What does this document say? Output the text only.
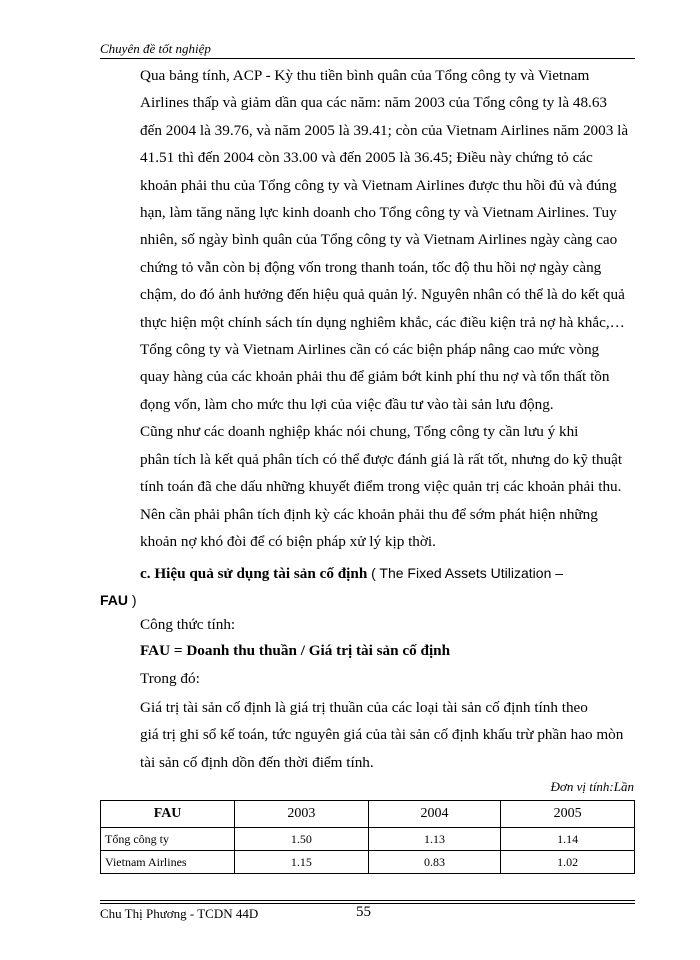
Chuyên đề tốt nghiệp

Qua bảng tính, ACP - Kỳ thu tiền bình quân của Tổng công ty và Vietnam
Airlines thấp và giảm dần qua các năm: năm 2003 của Tổng công ty là 48.63
đến 2004 là 39.76, và năm 2005 là 39.41; còn của Vietnam Airlines năm 2003 là
41.51 thì đến 2004 còn 33.00 và đến 2005 là 36.45; Điều này chứng tỏ các
khoản phải thu của Tổng công ty và Vietnam Airlines được thu hồi đủ và đúng
hạn, làm tăng năng lực kinh doanh cho Tổng công ty và Vietnam Airlines. Tuy
nhiên, số ngày bình quân của Tổng công ty và Vietnam Airlines ngày càng cao
chứng tỏ vẫn còn bị động vốn trong thanh toán, tốc độ thu hồi nợ ngày càng
chậm, do đó ảnh hưởng đến hiệu quả quản lý. Nguyên nhân có thể là do kết quả
thực hiện một chính sách tín dụng nghiêm khắc, các điều kiện trả nợ hà khắc,…
Tổng công ty và Vietnam Airlines cần có các biện pháp nâng cao mức vòng
quay hàng của các khoản phải thu để giảm bớt kinh phí thu nợ và tổn thất tồn
đọng vốn, làm cho mức thu lợi của việc đầu tư vào tài sản lưu động.

Cũng như các doanh nghiệp khác nói chung, Tổng công ty cần lưu ý khi
phân tích là kết quả phân tích có thể được đánh giá là rất tốt, nhưng do kỹ thuật
tính toán đã che dấu những khuyết điểm trong việc quản trị các khoản phải thu.
Nên cần phải phân tích định kỳ các khoản phải thu để sớm phát hiện những
khoản nợ khó đòi để có biện pháp xử lý kịp thời.

c. Hiệu quả sử dụng tài sản cố định ( The Fixed Assets Utilization –
FAU )
Công thức tính:
FAU = Doanh thu thuần / Giá trị tài sản cố định
Trong đó:

Giá trị tài sản cố định là giá trị thuần của các loại tài sản cố định tính theo
giá trị ghi sổ kế toán, tức nguyên giá của tài sản cố định khấu trừ phần hao mòn
tài sản cố định dồn đến thời điểm tính.

Đơn vị tính:Lần
FAU	2003	2004	2005
Tổng công ty	1.50	1.13	1.14
Vietnam Airlines	1.15	0.83	1.02
Chu Thị Phương - TCDN 44D	55
